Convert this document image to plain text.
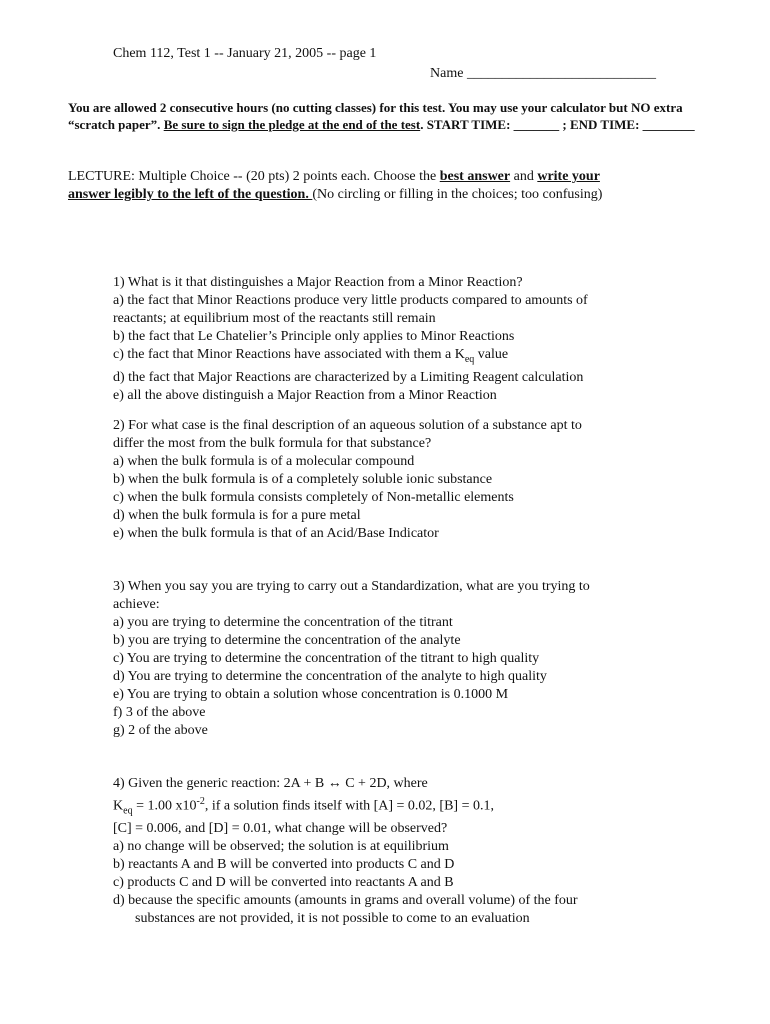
Chem 112, Test 1 -- January 21, 2005 -- page 1
Name ___________________________
You are allowed 2 consecutive hours (no cutting classes) for this test. You may use your calculator but NO extra
“scratch paper”. Be sure to sign the pledge at the end of the test. START TIME: _______ ; END TIME: ________
LECTURE: Multiple Choice -- (20 pts) 2 points each. Choose the best answer and write your
answer legibly to the left of the question. (No circling or filling in the choices; too confusing)
1) What is it that distinguishes a Major Reaction from a Minor Reaction?
a) the fact that Minor Reactions produce very little products compared to amounts of
reactants; at equilibrium most of the reactants still remain
b) the fact that Le Chatelier’s Principle only applies to Minor Reactions
c) the fact that Minor Reactions have associated with them a $K_{eq}$ value
d) the fact that Major Reactions are characterized by a Limiting Reagent calculation
e) all the above distinguish a Major Reaction from a Minor Reaction
2) For what case is the final description of an aqueous solution of a substance apt to
differ the most from the bulk formula for that substance?
a) when the bulk formula is of a molecular compound
b) when the bulk formula is of a completely soluble ionic substance
c) when the bulk formula consists completely of Non-metallic elements
d) when the bulk formula is for a pure metal
e) when the bulk formula is that of an Acid/Base Indicator
3) When you say you are trying to carry out a Standardization, what are you trying to
achieve:
a) you are trying to determine the concentration of the titrant
b) you are trying to determine the concentration of the analyte
c) You are trying to determine the concentration of the titrant to high quality
d) You are trying to determine the concentration of the analyte to high quality
e) You are trying to obtain a solution whose concentration is 0.1000 M
f) 3 of the above
g) 2 of the above
4) Given the generic reaction: 2A + B ↔ C + 2D, where
$K_{eq} = 1.00$ $x10^{-2}$, if a solution finds itself with [A] = 0.02, [B] = 0.1,
[C] = 0.006, and [D] = 0.01, what change will be observed?
a) no change will be observed; the solution is at equilibrium
b) reactants A and B will be converted into products C and D
c) products C and D will be converted into reactants A and B
d) because the specific amounts (amounts in grams and overall volume) of the four
substances are not provided, it is not possible to come to an evaluation
